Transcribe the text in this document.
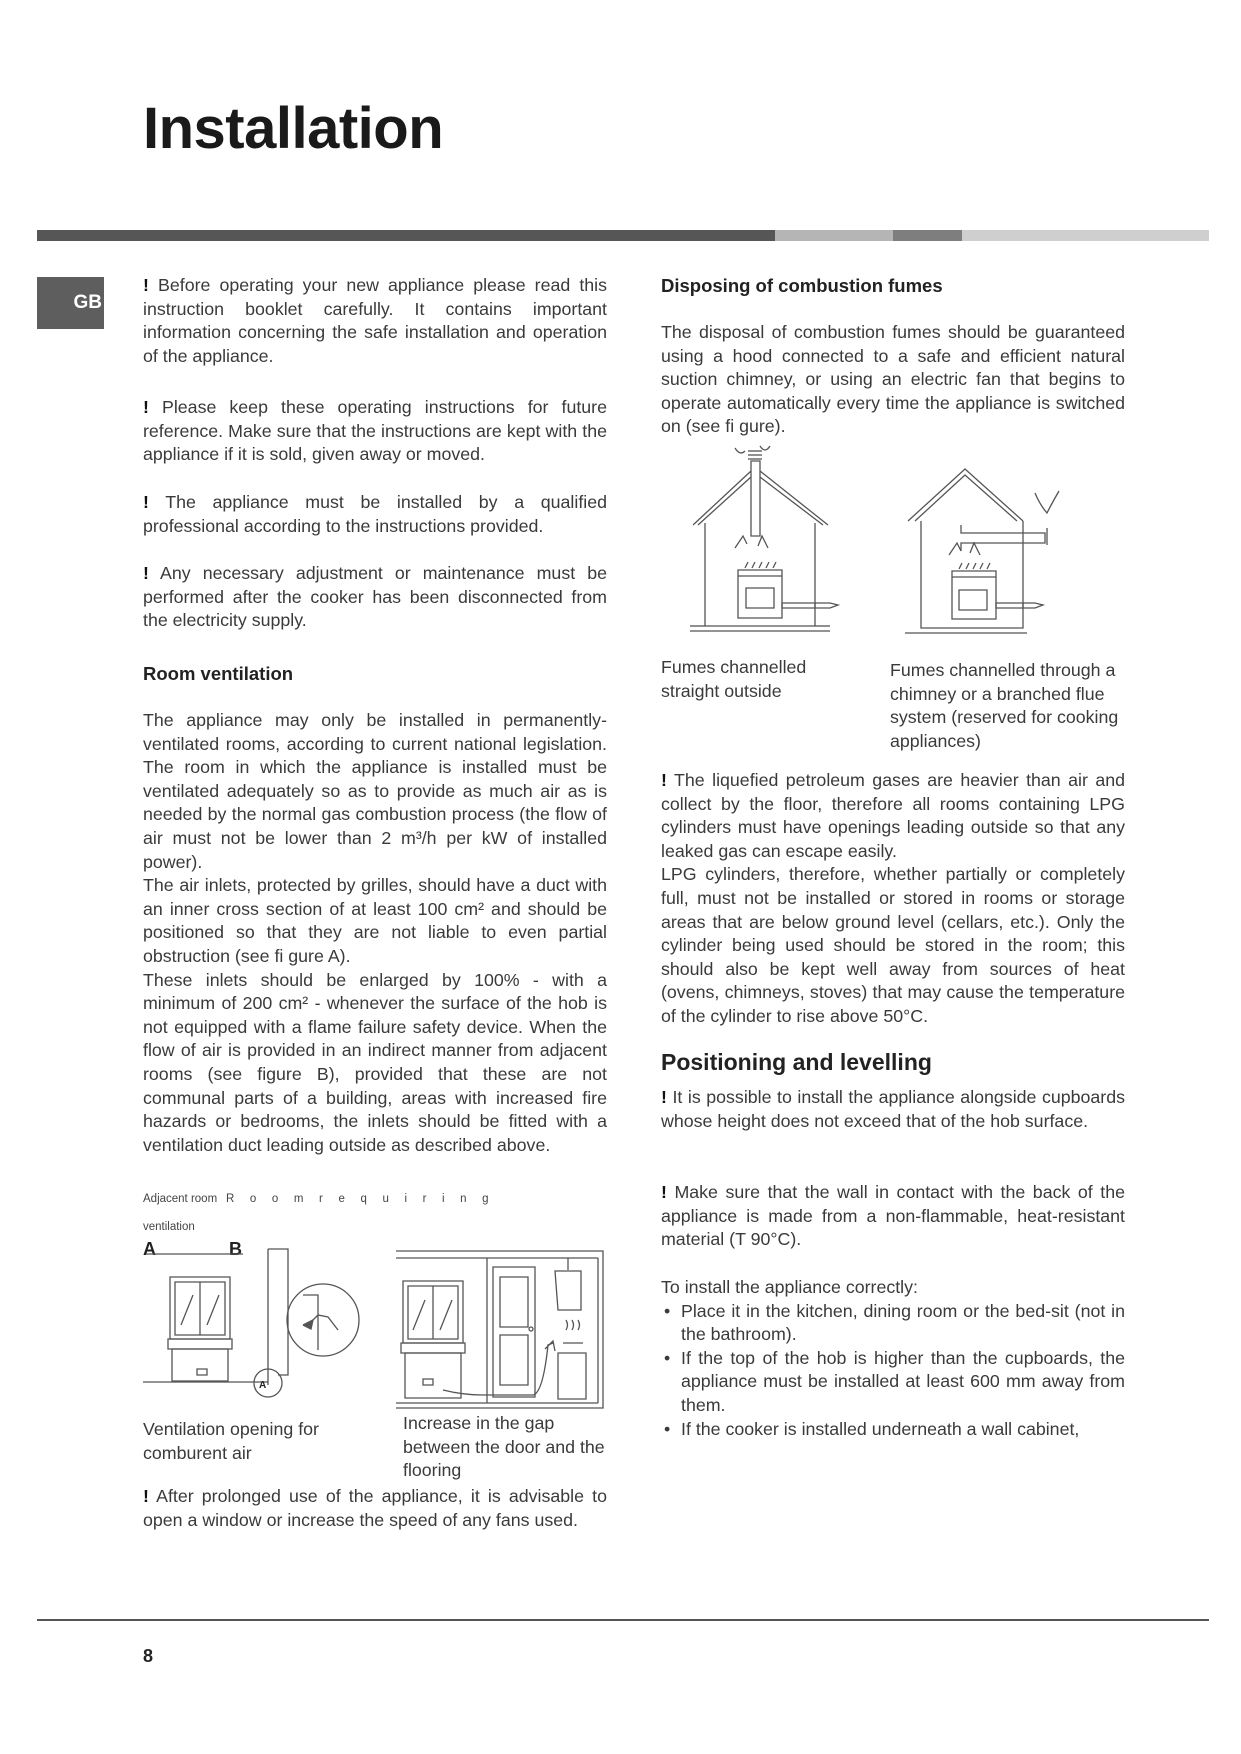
Installation
GB

! Before operating your new appliance please read this instruction booklet carefully. It contains important information concerning the safe installation and operation of the appliance.

! Please keep these operating instructions for future reference. Make sure that the instructions are kept with the appliance if it is sold, given away or moved.

! The appliance must be installed by a qualified professional according to the instructions provided.

! Any necessary adjustment or maintenance must be performed after the cooker has been disconnected from the electricity supply.

Room ventilation

The appliance may only be installed in permanently-ventilated rooms, according to current national legislation. The room in which the appliance is installed must be ventilated adequately so as to provide as much air as is needed by the normal gas combustion process (the flow of air must not be lower than 2 m³/h per kW of installed power).

The air inlets, protected by grilles, should have a duct with an inner cross section of at least 100 cm² and should be positioned so that they are not liable to even partial obstruction (see fi gure A).

These inlets should be enlarged by 100% - with a minimum of 200 cm² - whenever the surface of the hob is not equipped with a flame failure safety device. When the flow of air is provided in an indirect manner from adjacent rooms (see figure B), provided that these are not communal parts of a building, areas with increased fire hazards or bedrooms, the inlets should be fitted with a ventilation duct leading outside as described above.

Adjacent room R o o m r e q u i r i n g
ventilation
A	B
A
Ventilation opening for comburent air
Increase in the gap between the door and the flooring

! After prolonged use of the appliance, it is advisable to open a window or increase the speed of any fans used.

Disposing of combustion fumes

The disposal of combustion fumes should be guaranteed using a hood connected to a safe and efficient natural suction chimney, or using an electric fan that begins to operate automatically every time the appliance is switched on (see fi gure).

Fumes channelled straight outside
Fumes channelled through a chimney or a branched flue system (reserved for cooking appliances)

! The liquefied petroleum gases are heavier than air and collect by the floor, therefore all rooms containing LPG cylinders must have openings leading outside so that any leaked gas can escape easily.

LPG cylinders, therefore, whether partially or completely full, must not be installed or stored in rooms or storage areas that are below ground level (cellars, etc.). Only the cylinder being used should be stored in the room; this should also be kept well away from sources of heat (ovens, chimneys, stoves) that may cause the temperature of the cylinder to rise above 50°C.

Positioning and levelling

! It is possible to install the appliance alongside cupboards whose height does not exceed that of the hob surface.

! Make sure that the wall in contact with the back of the appliance is made from a non-flammable, heat-resistant material (T 90°C).

To install the appliance correctly:
• Place it in the kitchen, dining room or the bed-sit (not in the bathroom).
• If the top of the hob is higher than the cupboards, the appliance must be installed at least 600 mm away from them.
• If the cooker is installed underneath a wall cabinet,
8
